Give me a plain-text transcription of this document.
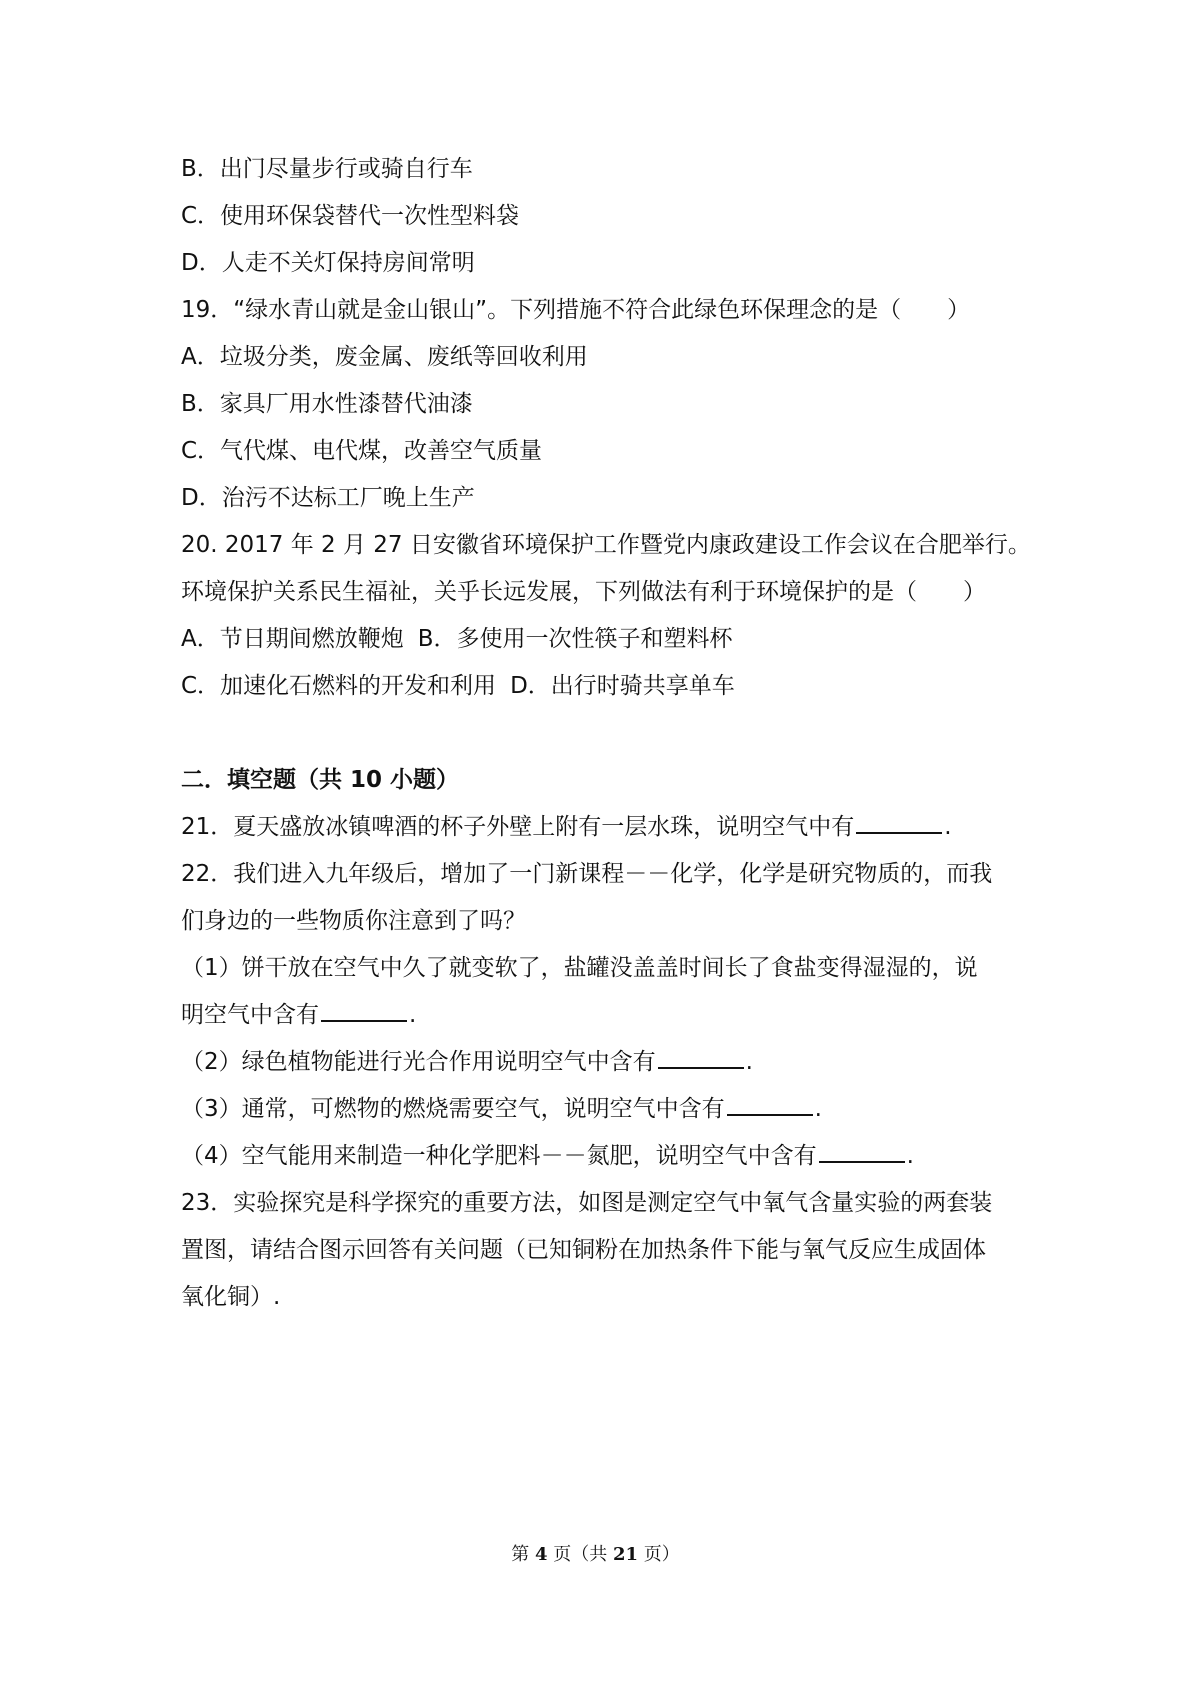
B．出门尽量步行或骑自行车
C．使用环保袋替代一次性型料袋
D．人走不关灯保持房间常明
19．“绿水青山就是金山银山”。下列措施不符合此绿色环保理念的是（　　）
A．垃圾分类，废金属、废纸等回收利用
B．家具厂用水性漆替代油漆
C．气代煤、电代煤，改善空气质量
D．治污不达标工厂晚上生产
20. 2017 年 2 月 27 日安徽省环境保护工作暨党内康政建设工作会议在合肥举行。
环境保护关系民生福祉，关乎长远发展，下列做法有利于环境保护的是（　　）
A．节日期间燃放鞭炮 B．多使用一次性筷子和塑料杯
C．加速化石燃料的开发和利用 D．出行时骑共享单车
二．填空题（共 10 小题）
21．夏天盛放冰镇啤酒的杯子外壁上附有一层水珠，说明空气中有	.
22．我们进入九年级后，增加了一门新课程－－化学，化学是研究物质的，而我
们身边的一些物质你注意到了吗？
（1）饼干放在空气中久了就变软了，盐罐没盖盖时间长了食盐变得湿湿的，说
明空气中含有	.
（2）绿色植物能进行光合作用说明空气中含有	.
（3）通常，可燃物的燃烧需要空气，说明空气中含有	.
（4）空气能用来制造一种化学肥料－－氮肥，说明空气中含有	.
23．实验探究是科学探究的重要方法，如图是测定空气中氧气含量实验的两套装
置图，请结合图示回答有关问题（已知铜粉在加热条件下能与氧气反应生成固体
氧化铜）.
第 4 页（共 21 页）
